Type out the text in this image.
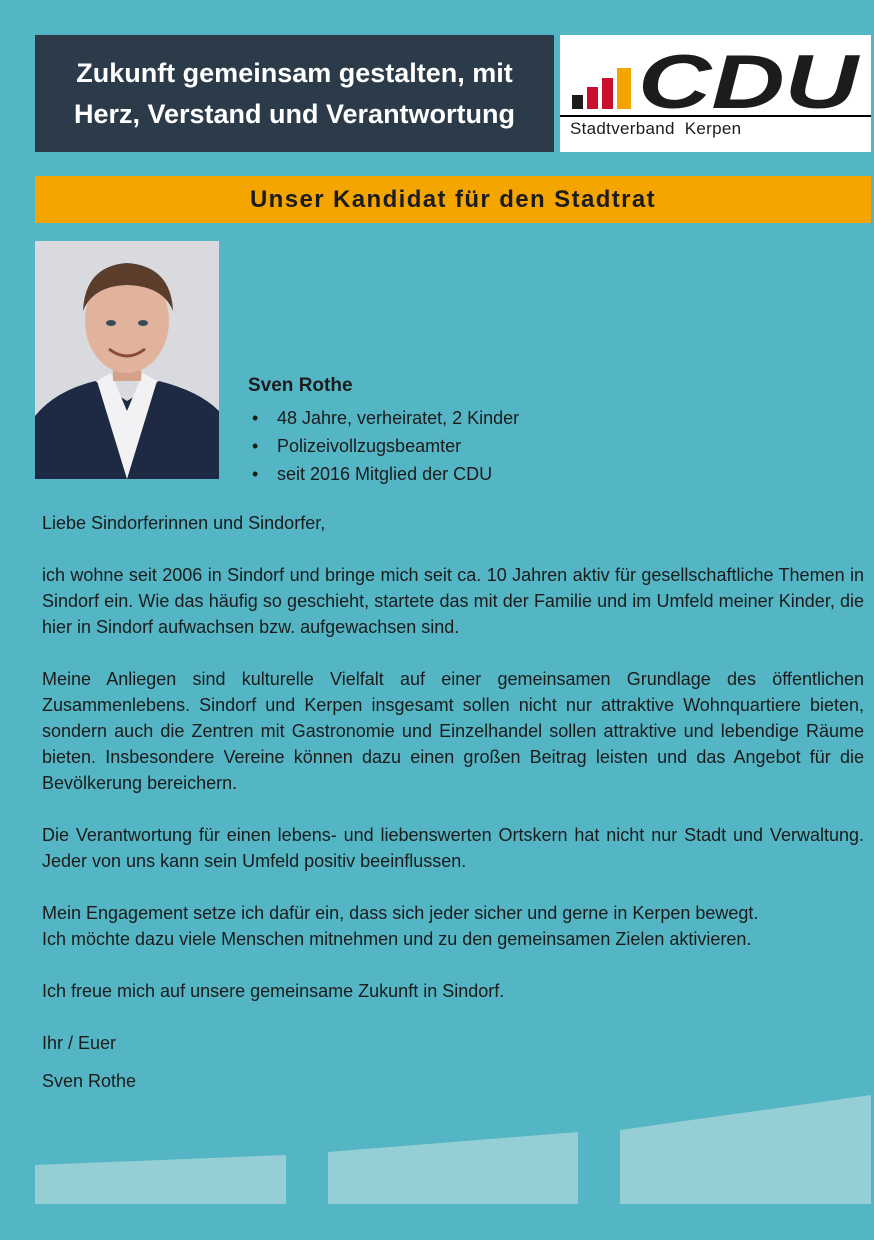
Zukunft gemeinsam gestalten, mit
Herz, Verstand und Verantwortung	CDU
Stadtverband  Kerpen
Unser Kandidat für den Stadtrat
Sven Rothe
• 48 Jahre, verheiratet, 2 Kinder
• Polizeivollzugsbeamter
• seit 2016 Mitglied der CDU

Liebe Sindorferinnen und Sindorfer,

ich wohne seit 2006 in Sindorf und bringe mich seit ca. 10 Jahren aktiv für gesellschaftliche Themen in Sindorf ein. Wie das häufig so geschieht, startete das mit der Familie und im Umfeld meiner Kinder, die hier in Sindorf aufwachsen bzw. aufgewachsen sind.

Meine Anliegen sind kulturelle Vielfalt auf einer gemeinsamen Grundlage des öffentlichen Zusammenlebens. Sindorf und Kerpen insgesamt sollen nicht nur attraktive Wohnquartiere bieten, sondern auch die Zentren mit Gastronomie und Einzelhandel sollen attraktive und lebendige Räume bieten. Insbesondere Vereine können dazu einen großen Beitrag leisten und das Angebot für die Bevölkerung bereichern.

Die Verantwortung für einen lebens- und liebenswerten Ortskern hat nicht nur Stadt und Verwaltung. Jeder von uns kann sein Umfeld positiv beeinflussen.

Mein Engagement setze ich dafür ein, dass sich jeder sicher und gerne in Kerpen bewegt.

Ich möchte dazu viele Menschen mitnehmen und zu den gemeinsamen Zielen aktivieren.

Ich freue mich auf unsere gemeinsame Zukunft in Sindorf.

Ihr / Euer

Sven Rothe
